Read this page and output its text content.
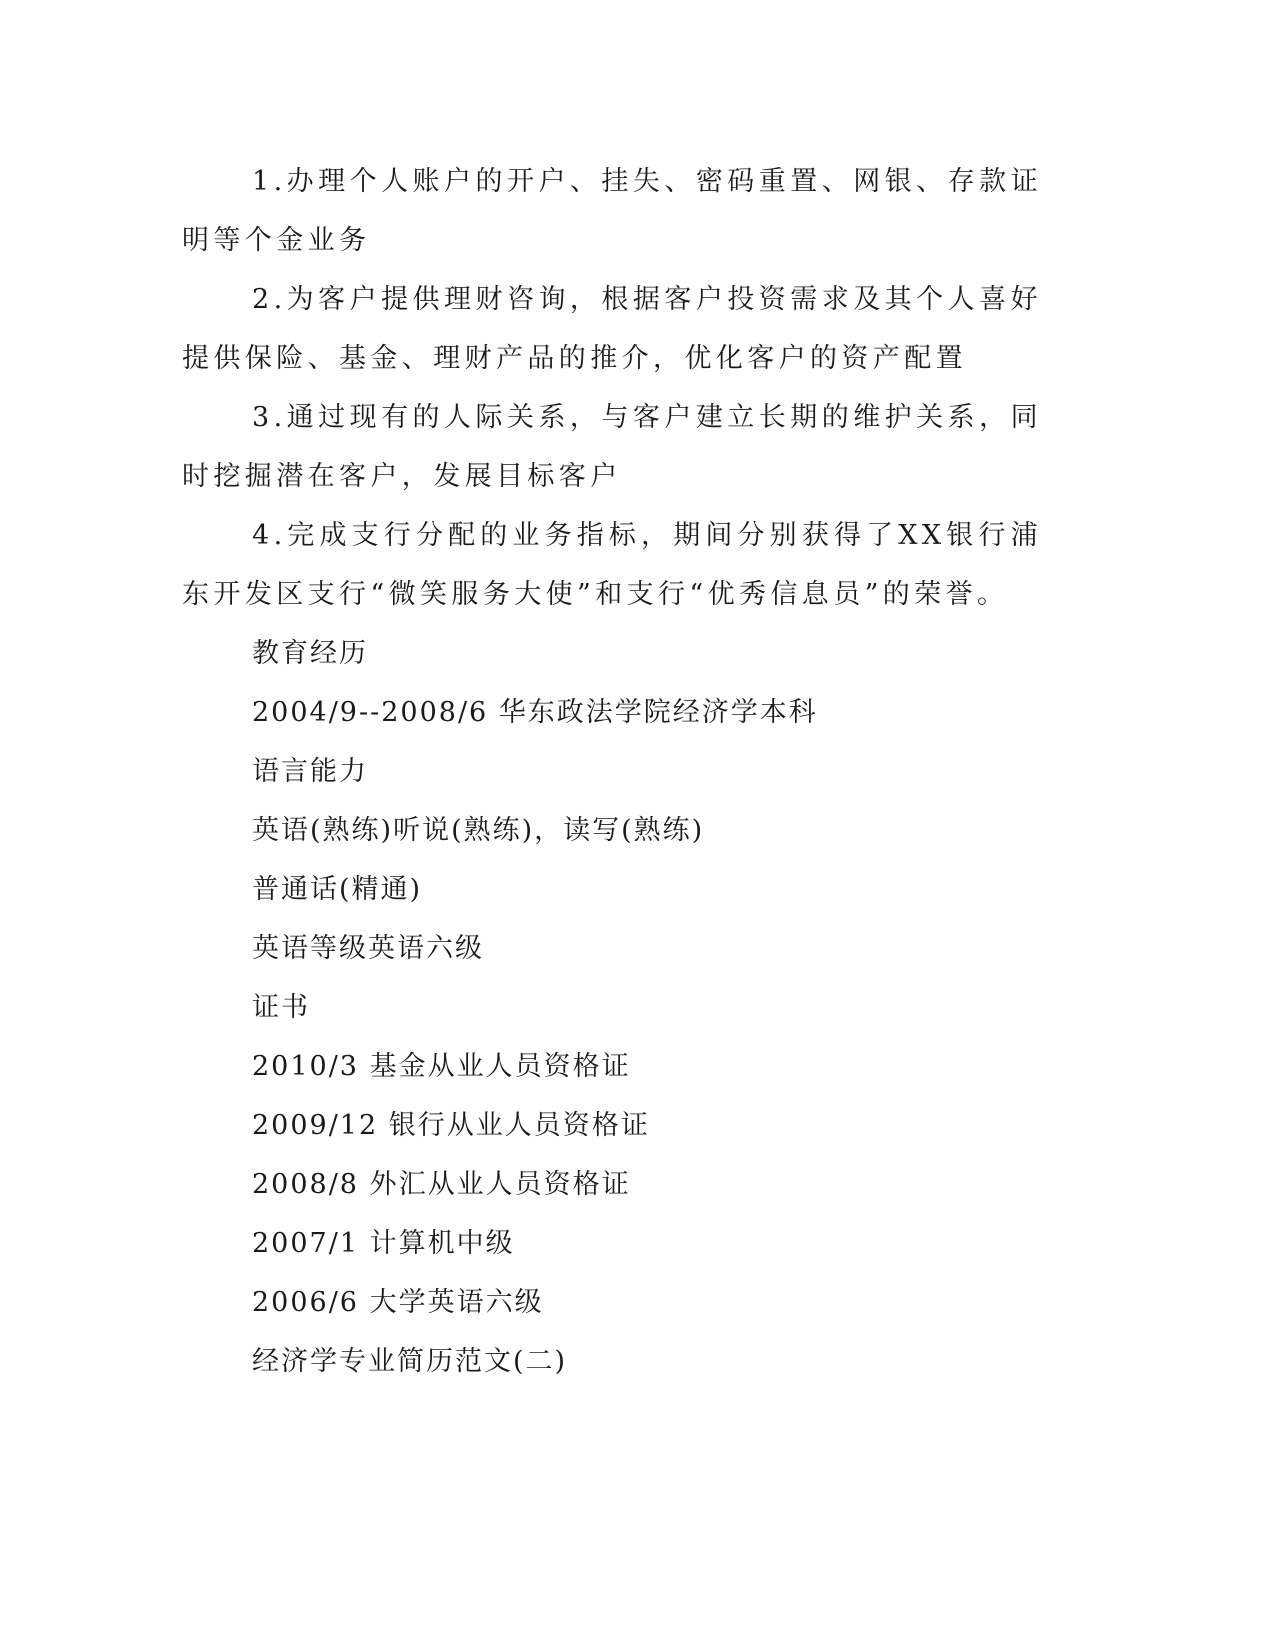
1.办理个人账户的开户、挂失、密码重置、网银、存款证明等个金业务

2.为客户提供理财咨询，根据客户投资需求及其个人喜好提供保险、基金、理财产品的推介，优化客户的资产配置

3.通过现有的人际关系，与客户建立长期的维护关系，同时挖掘潜在客户，发展目标客户

4.完成支行分配的业务指标，期间分别获得了XX银行浦东开发区支行“微笑服务大使”和支行“优秀信息员”的荣誉。

教育经历

2004/9--2008/6 华东政法学院经济学本科

语言能力

英语(熟练)听说(熟练)，读写(熟练)

普通话(精通)

英语等级英语六级

证书

2010/3 基金从业人员资格证

2009/12 银行从业人员资格证

2008/8 外汇从业人员资格证

2007/1 计算机中级

2006/6 大学英语六级

经济学专业简历范文(二)
